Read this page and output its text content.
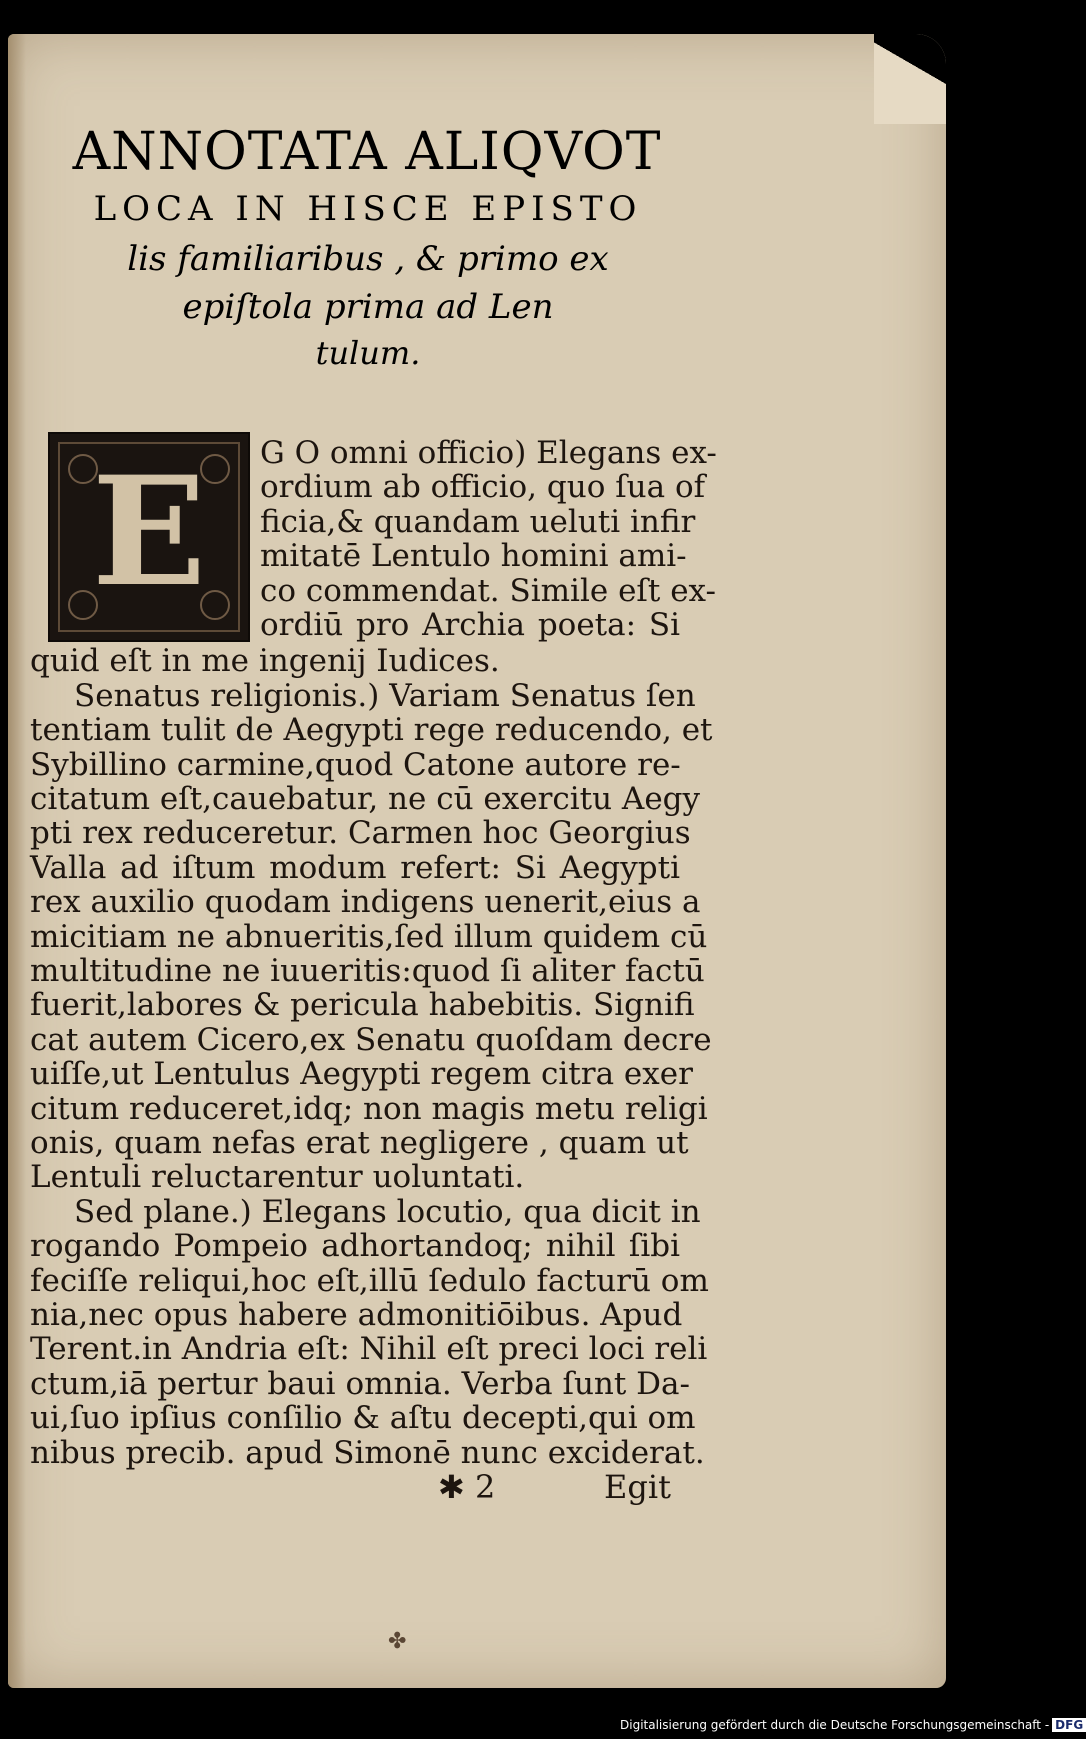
ANNOTATA ALIQVOT
LOCA IN HISCE EPISTO
lis familiaribus , & primo ex
epiſtola prima ad Len
tulum.
E	G O omni officio) Elegans ex-
ordium ab officio, quo ſua of
ficia,& quandam ueluti infir
mitatē Lentulo homini ami-
co commendat. Simile eſt ex-
ordiū pro Archia poeta: Si
quid eſt in me ingenij Iudices.
Senatus religionis.) Variam Senatus ſen
tentiam tulit de Aegypti rege reducendo, et
Sybillino carmine,quod Catone autore re-
citatum eſt,cauebatur, ne cū exercitu Aegy
pti rex reduceretur. Carmen hoc Georgius
Valla ad iſtum modum refert: Si Aegypti
rex auxilio quodam indigens uenerit,eius a
micitiam ne abnueritis,ſed illum quidem cū
multitudine ne iuueritis:quod ſi aliter factū
fuerit,labores & pericula habebitis. Signifi
cat autem Cicero,ex Senatu quoſdam decre
uiſſe,ut Lentulus Aegypti regem citra exer
citum reduceret,idq; non magis metu religi
onis, quam nefas erat negligere , quam ut
Lentuli reluctarentur uoluntati.
Sed plane.) Elegans locutio, qua dicit in
rogando Pompeio adhortandoq; nihil ſibi
feciſſe reliqui,hoc eſt,illū ſedulo facturū om
nia,nec opus habere admonitiōibus. Apud
Terent.in Andria eſt: Nihil eſt preci loci reli
ctum,iā pertur baui omnia. Verba ſunt Da-
ui,ſuo ipſius conſilio & aſtu decepti,qui om
nibus precib. apud Simonē nunc exciderat.
✱ 2	Egit
✤
Digitalisierung gefördert durch die Deutsche Forschungsgemeinschaft - DFG
